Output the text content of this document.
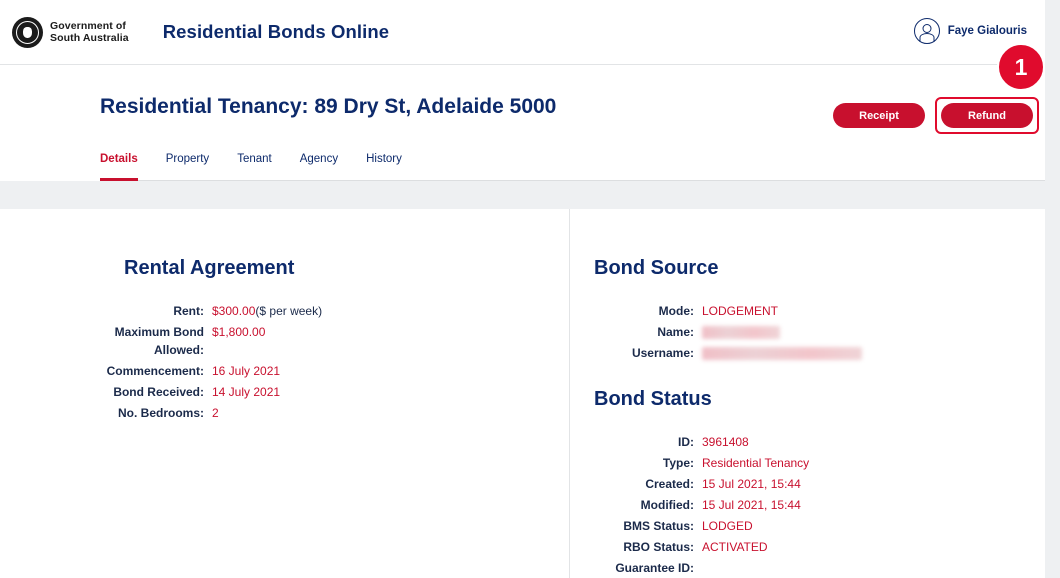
Government of
South Australia Residential Bonds Online	Faye Gialouris
1
Residential Tenancy: 89 Dry St, Adelaide 5000	Receipt	Refund
Details	Property	Tenant	Agency	History
Rental Agreement
Rent: $300.00($ per week)
Maximum Bond Allowed:
$1,800.00
Commencement: 16 July 2021
Bond Received: 14 July 2021
No. Bedrooms: 2
Bond Source
Mode: LODGEMENT
Name:
Username:
Bond Status
ID: 3961408
Type: Residential Tenancy
Created: 15 Jul 2021, 15:44
Modified: 15 Jul 2021, 15:44
BMS Status: LODGED
RBO Status: ACTIVATED
Guarantee ID:
